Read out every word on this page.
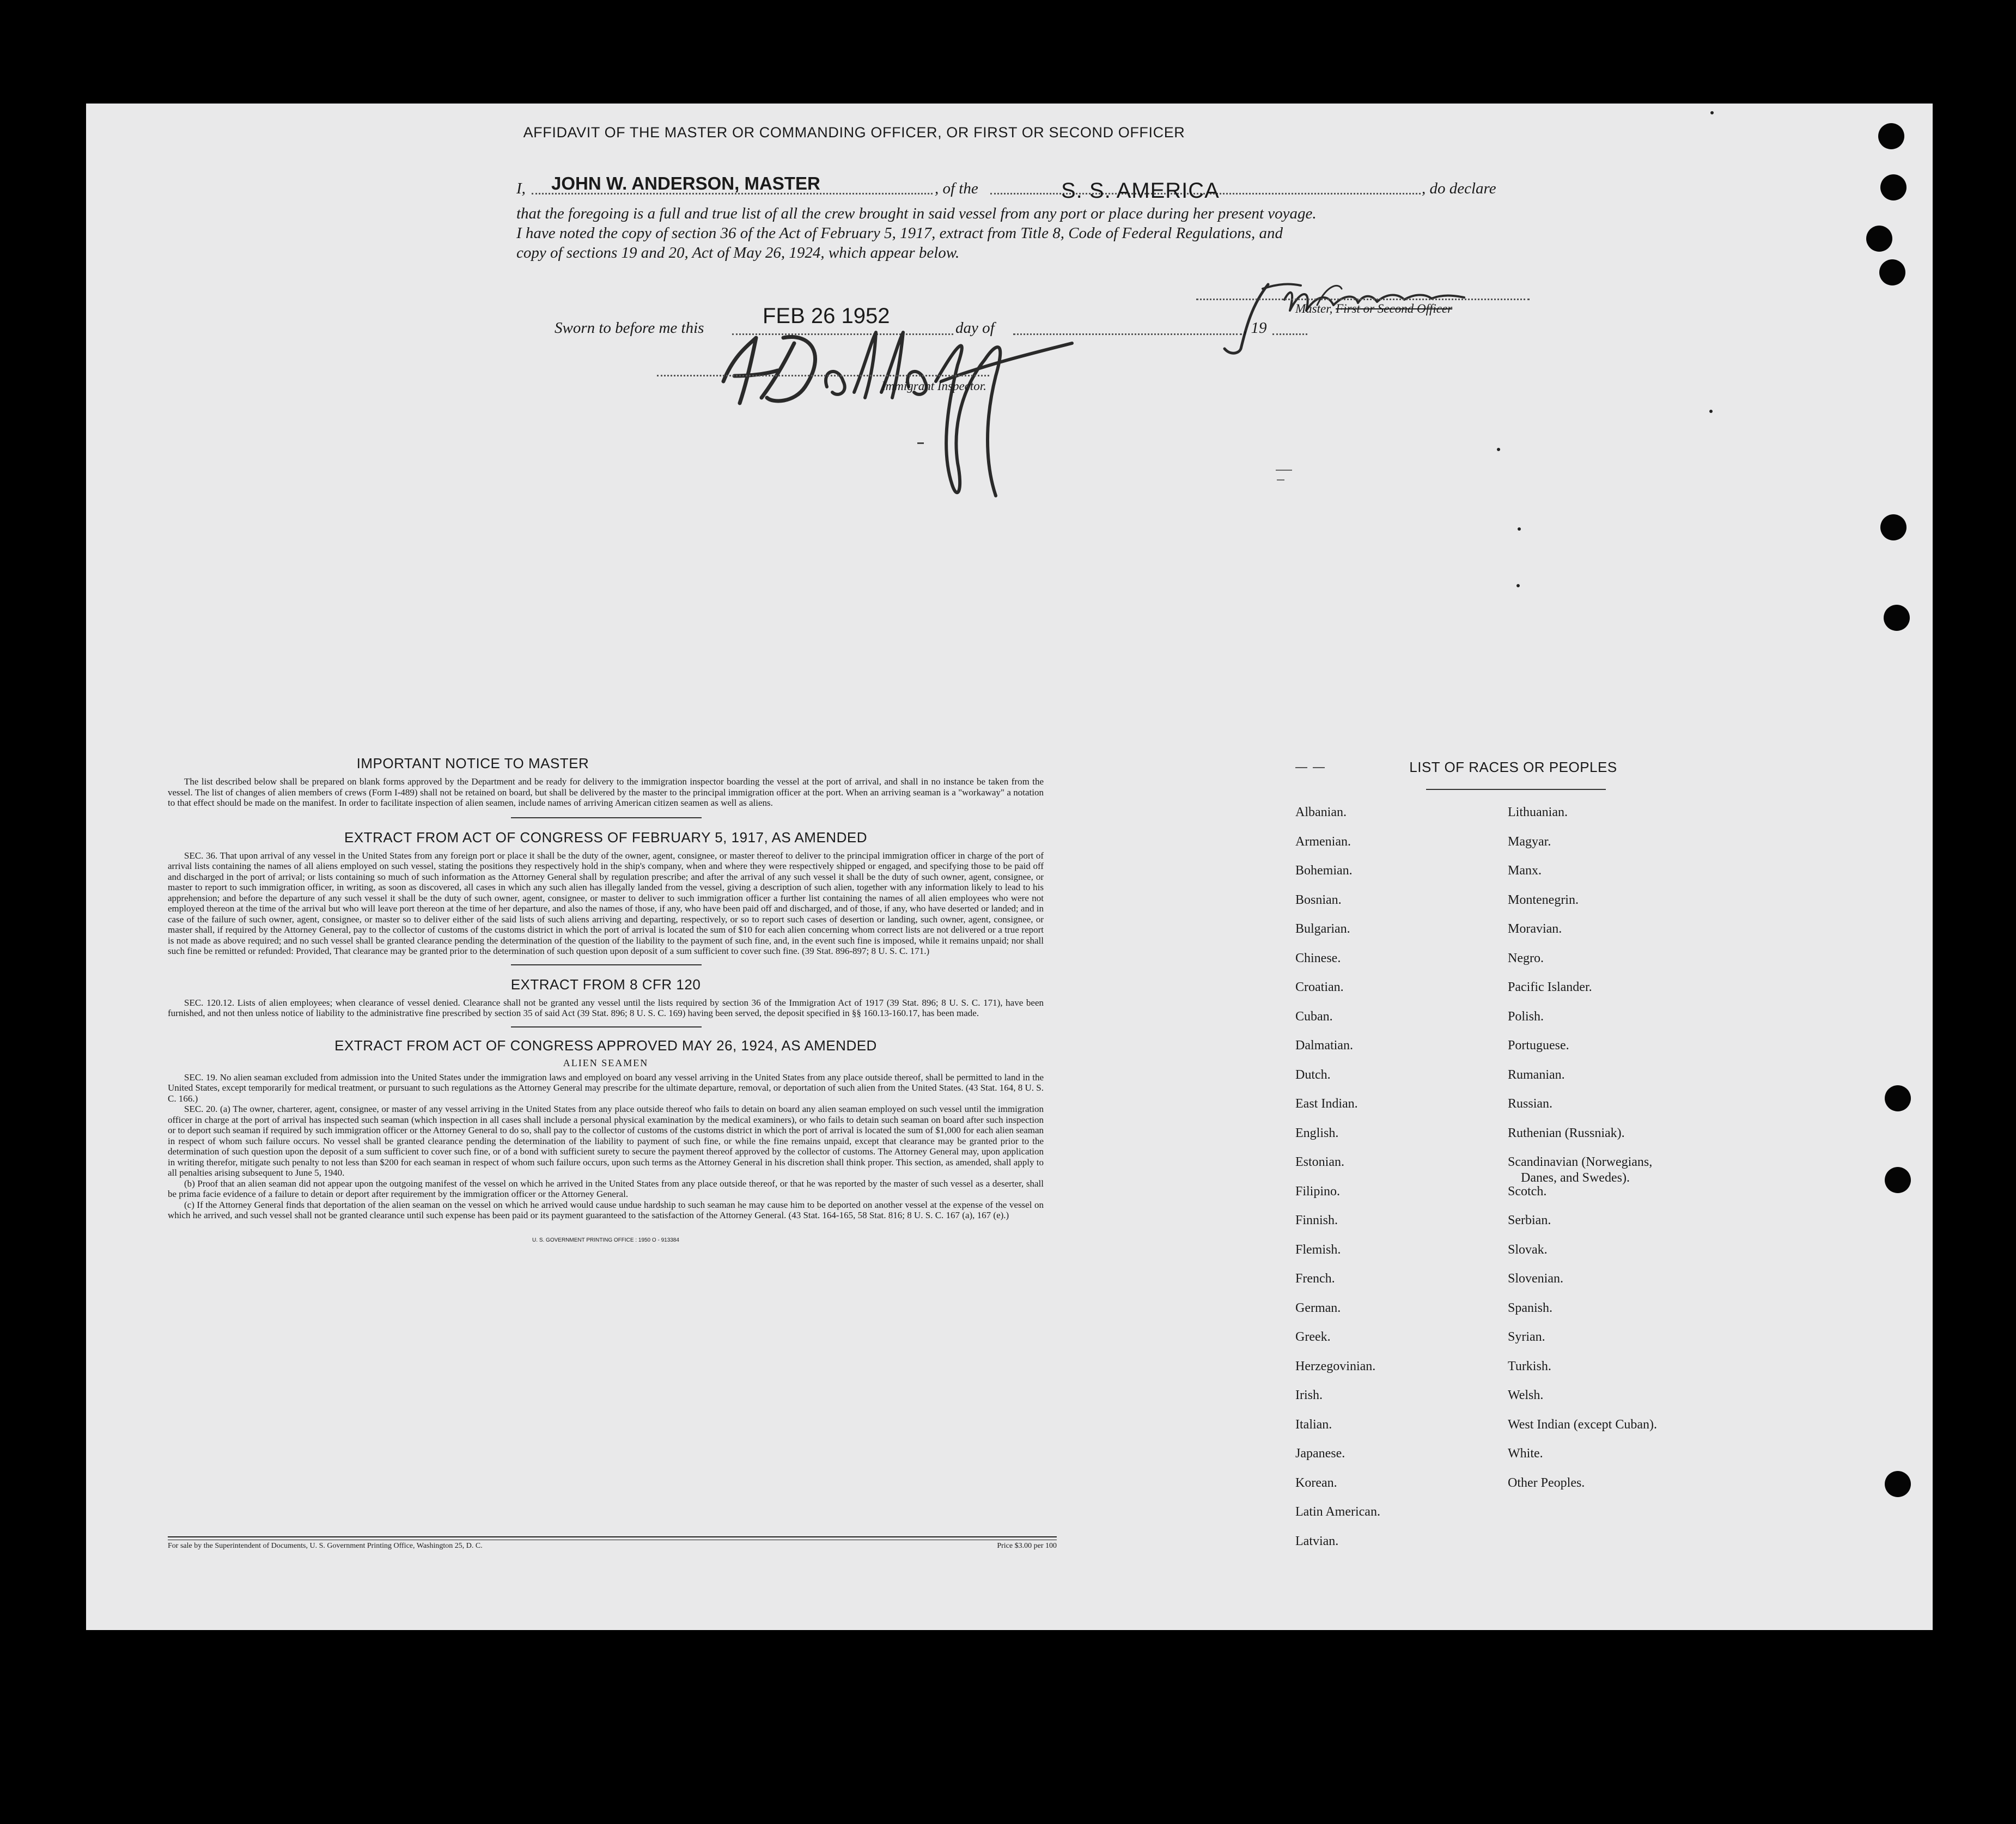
AFFIDAVIT OF THE MASTER OR COMMANDING OFFICER, OR FIRST OR SECOND OFFICER
I, JOHN W. ANDERSON, MASTER	, of the	S. S. AMERICA	, do declare
that the foregoing is a full and true list of all the crew brought in said vessel from any port or place during her present voyage.
I have noted the copy of section 36 of the Act of February 5, 1917, extract from Title 8, Code of Federal Regulations, and
copy of sections 19 and 20, Act of May 26, 1924, which appear below.
Master, First or Second Officer
Sworn to before me this	FEB 26 1952	day of	, 19
Immigrant Inspector.
IMPORTANT NOTICE TO MASTER
The list described below shall be prepared on blank forms approved by the Department and be ready for delivery to the immigration inspector boarding the vessel at the port of arrival, and shall in no instance be taken from the vessel. The list of changes of alien members of crews (Form I-489) shall not be retained on board, but shall be delivered by the master to the principal immigration officer at the port. When an arriving seaman is a "workaway" a notation to that effect should be made on the manifest. In order to facilitate inspection of alien seamen, include names of arriving American citizen seamen as well as aliens.
EXTRACT FROM ACT OF CONGRESS OF FEBRUARY 5, 1917, AS AMENDED
SEC. 36. That upon arrival of any vessel in the United States from any foreign port or place it shall be the duty of the owner, agent, consignee, or master thereof to deliver to the principal immigration officer in charge of the port of arrival lists containing the names of all aliens employed on such vessel, stating the positions they respectively hold in the ship's company, when and where they were respectively shipped or engaged, and specifying those to be paid off and discharged in the port of arrival; or lists containing so much of such information as the Attorney General shall by regulation prescribe; and after the arrival of any such vessel it shall be the duty of such owner, agent, consignee, or master to report to such immigration officer, in writing, as soon as discovered, all cases in which any such alien has illegally landed from the vessel, giving a description of such alien, together with any information likely to lead to his apprehension; and before the departure of any such vessel it shall be the duty of such owner, agent, consignee, or master to deliver to such immigration officer a further list containing the names of all alien employees who were not employed thereon at the time of the arrival but who will leave port thereon at the time of her departure, and also the names of those, if any, who have been paid off and discharged, and of those, if any, who have deserted or landed; and in case of the failure of such owner, agent, consignee, or master so to deliver either of the said lists of such aliens arriving and departing, respectively, or so to report such cases of desertion or landing, such owner, agent, consignee, or master shall, if required by the Attorney General, pay to the collector of customs of the customs district in which the port of arrival is located the sum of $10 for each alien concerning whom correct lists are not delivered or a true report is not made as above required; and no such vessel shall be granted clearance pending the determination of the question of the liability to the payment of such fine, and, in the event such fine is imposed, while it remains unpaid; nor shall such fine be remitted or refunded: Provided, That clearance may be granted prior to the determination of such question upon deposit of a sum sufficient to cover such fine. (39 Stat. 896-897; 8 U. S. C. 171.)
EXTRACT FROM 8 CFR 120
SEC. 120.12. Lists of alien employees; when clearance of vessel denied. Clearance shall not be granted any vessel until the lists required by section 36 of the Immigration Act of 1917 (39 Stat. 896; 8 U. S. C. 171), have been furnished, and not then unless notice of liability to the administrative fine prescribed by section 35 of said Act (39 Stat. 896; 8 U. S. C. 169) having been served, the deposit specified in §§ 160.13-160.17, has been made.
EXTRACT FROM ACT OF CONGRESS APPROVED MAY 26, 1924, AS AMENDED
ALIEN SEAMEN
SEC. 19. No alien seaman excluded from admission into the United States under the immigration laws and employed on board any vessel arriving in the United States from any place outside thereof, shall be permitted to land in the United States, except temporarily for medical treatment, or pursuant to such regulations as the Attorney General may prescribe for the ultimate departure, removal, or deportation of such alien from the United States. (43 Stat. 164, 8 U. S. C. 166.)
SEC. 20. (a) The owner, charterer, agent, consignee, or master of any vessel arriving in the United States from any place outside thereof who fails to detain on board any alien seaman employed on such vessel until the immigration officer in charge at the port of arrival has inspected such seaman (which inspection in all cases shall include a personal physical examination by the medical examiners), or who fails to detain such seaman on board after such inspection or to deport such seaman if required by such immigration officer or the Attorney General to do so, shall pay to the collector of customs of the customs district in which the port of arrival is located the sum of $1,000 for each alien seaman in respect of whom such failure occurs. No vessel shall be granted clearance pending the determination of the liability to payment of such fine, or while the fine remains unpaid, except that clearance may be granted prior to the determination of such question upon the deposit of a sum sufficient to cover such fine, or of a bond with sufficient surety to secure the payment thereof approved by the collector of customs. The Attorney General may, upon application in writing therefor, mitigate such penalty to not less than $200 for each seaman in respect of whom such failure occurs, upon such terms as the Attorney General in his discretion shall think proper. This section, as amended, shall apply to all penalties arising subsequent to June 5, 1940.
(b) Proof that an alien seaman did not appear upon the outgoing manifest of the vessel on which he arrived in the United States from any place outside thereof, or that he was reported by the master of such vessel as a deserter, shall be prima facie evidence of a failure to detain or deport after requirement by the immigration officer or the Attorney General.
(c) If the Attorney General finds that deportation of the alien seaman on the vessel on which he arrived would cause undue hardship to such seaman he may cause him to be deported on another vessel at the expense of the vessel on which he arrived, and such vessel shall not be granted clearance until such expense has been paid or its payment guaranteed to the satisfaction of the Attorney General. (43 Stat. 164-165, 58 Stat. 816; 8 U. S. C. 167 (a), 167 (e).)
U. S. GOVERNMENT PRINTING OFFICE : 1950 O - 913384
For sale by the Superintendent of Documents, U. S. Government Printing Office, Washington 25, D. C.	Price $3.00 per 100
LIST OF RACES OR PEOPLES
Albanian.
Armenian.
Bohemian.
Bosnian.
Bulgarian.
Chinese.
Croatian.
Cuban.
Dalmatian.
Dutch.
East Indian.
English.
Estonian.
Filipino.
Finnish.
Flemish.
French.
German.
Greek.
Herzegovinian.
Irish.
Italian.
Japanese.
Korean.
Latin American.
Latvian.
Lithuanian.
Magyar.
Manx.
Montenegrin.
Moravian.
Negro.
Pacific Islander.
Polish.
Portuguese.
Rumanian.
Russian.
Ruthenian (Russniak).
Scandinavian (Norwegians,
Danes, and Swedes).
Scotch.
Serbian.
Slovak.
Slovenian.
Spanish.
Syrian.
Turkish.
Welsh.
West Indian (except Cuban).
White.
Other Peoples.
